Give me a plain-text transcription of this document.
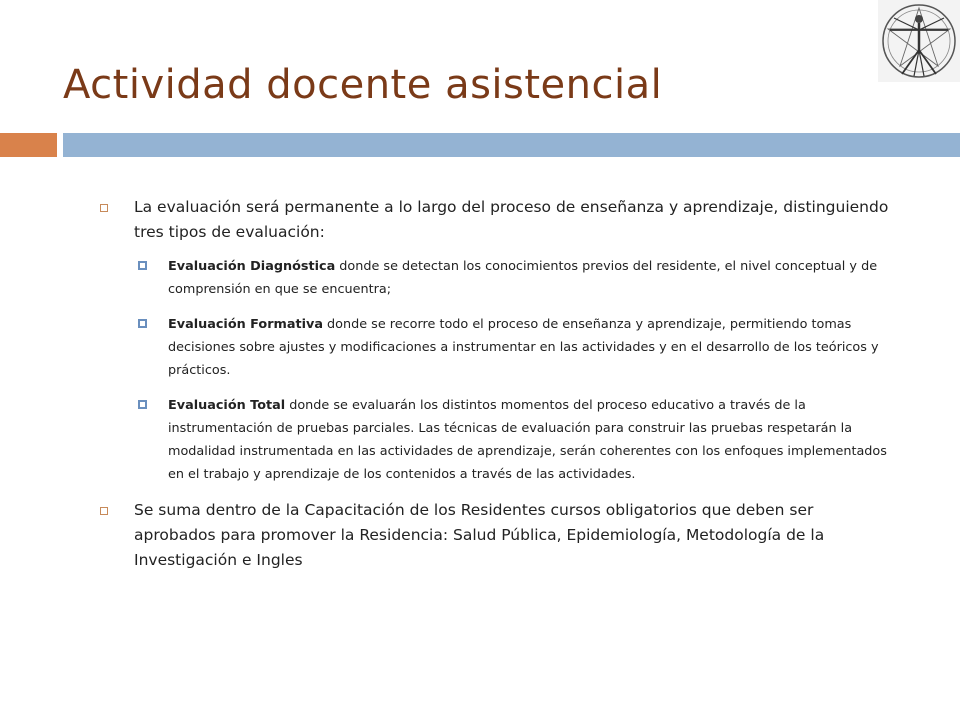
Actividad docente asistencial
La evaluación será permanente a lo largo del proceso de enseñanza y aprendizaje, distinguiendo tres tipos de evaluación:
Evaluación Diagnóstica donde se detectan los conocimientos previos del residente, el nivel conceptual y de comprensión en que se encuentra;
Evaluación Formativa donde se recorre todo el proceso de enseñanza y aprendizaje, permitiendo tomas decisiones sobre ajustes y modificaciones a instrumentar en las actividades y en el desarrollo de los teóricos y prácticos.
Evaluación Total donde se evaluarán los distintos momentos del proceso educativo a través de la instrumentación de pruebas parciales. Las técnicas de evaluación para construir las pruebas respetarán la modalidad instrumentada en las actividades de aprendizaje, serán coherentes con los enfoques implementados en el trabajo y aprendizaje de los contenidos a través de las actividades.
Se suma dentro de la Capacitación de los Residentes cursos obligatorios que deben ser aprobados para promover la Residencia: Salud Pública, Epidemiología, Metodología de la Investigación e Ingles
